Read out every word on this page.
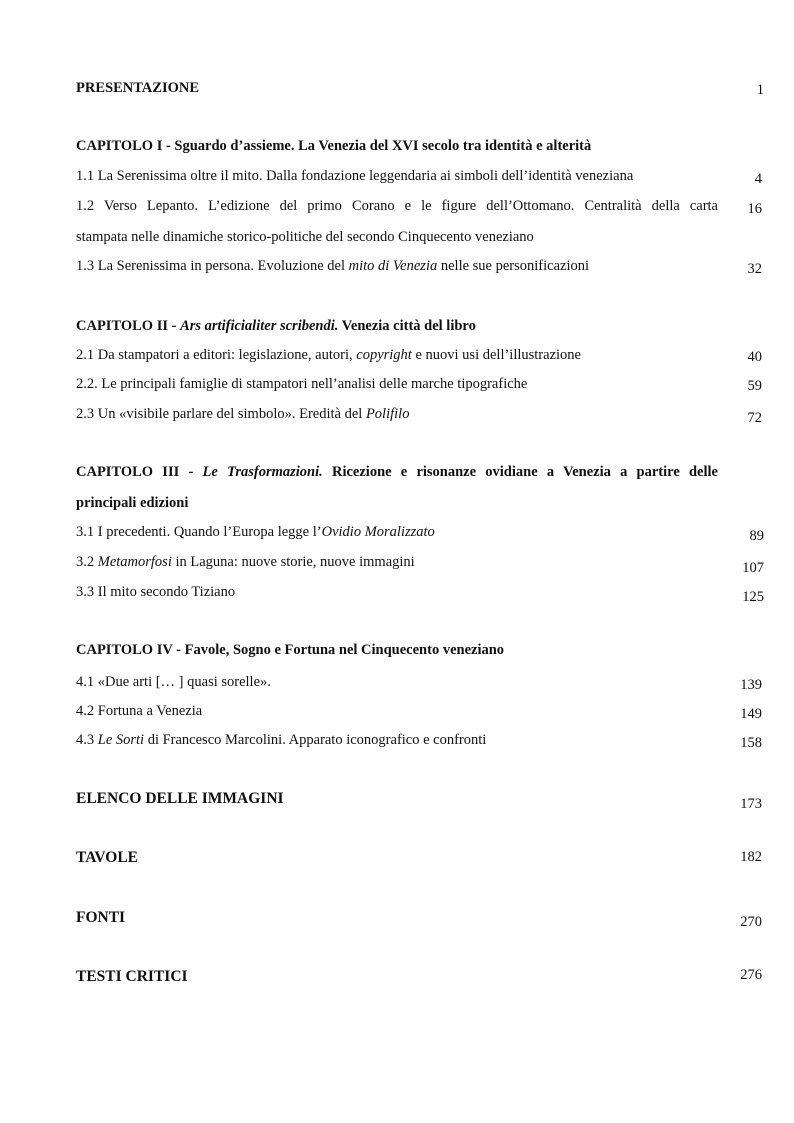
PRESENTAZIONE	1
CAPITOLO I - Sguardo d’assieme. La Venezia del XVI secolo tra identità e alterità
1.1 La Serenissima oltre il mito. Dalla fondazione leggendaria ai simboli dell’identità veneziana	4
1.2 Verso Lepanto. L’edizione del primo Corano e le figure dell’Ottomano. Centralità della carta	16
stampata nelle dinamiche storico-politiche del secondo Cinquecento veneziano
1.3 La Serenissima in persona. Evoluzione del mito di Venezia nelle sue personificazioni	32
CAPITOLO II - Ars artificialiter scribendi. Venezia città del libro
2.1 Da stampatori a editori: legislazione, autori, copyright e nuovi usi dell’illustrazione	40
2.2. Le principali famiglie di stampatori nell’analisi delle marche tipografiche	59
2.3 Un «visibile parlare del simbolo». Eredità del Polifilo	72
CAPITOLO III - Le Trasformazioni. Ricezione e risonanze ovidiane a Venezia a partire delle
principali edizioni
3.1 I precedenti. Quando l’Europa legge l’Ovidio Moralizzato	89
3.2 Metamorfosi in Laguna: nuove storie, nuove immagini	107
3.3 Il mito secondo Tiziano	125
CAPITOLO IV - Favole, Sogno e Fortuna nel Cinquecento veneziano
4.1 «Due arti [… ] quasi sorelle».	139
4.2 Fortuna a Venezia	149
4.3 Le Sorti di Francesco Marcolini. Apparato iconografico e confronti	158
ELENCO DELLE IMMAGINI	173
TAVOLE	182
FONTI	270
TESTI CRITICI	276
